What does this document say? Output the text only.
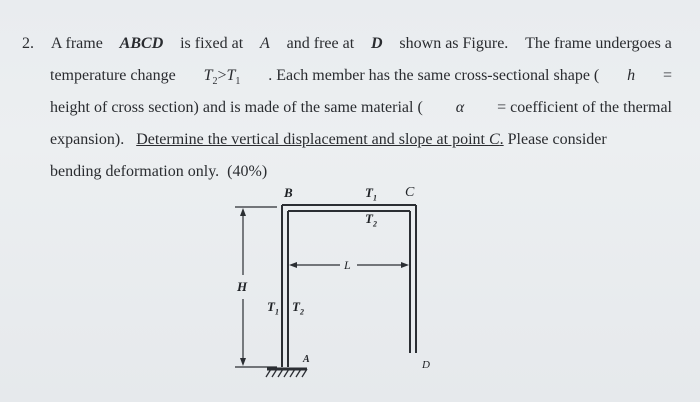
2. A frame ABCD is fixed at A and free at D shown as Figure. The frame undergoes a
temperature change $T_2>T_1$ . Each member has the same cross-sectional shape ( h =
height of cross section) and is made of the same material ( α = coefficient of the thermal
expansion). Determine the vertical displacement and slope at point C. Please consider
bending deformation only. (40%)
B	C
$T_1$
$T_2$
L
H
$T_1$ $T_2$
A	D
